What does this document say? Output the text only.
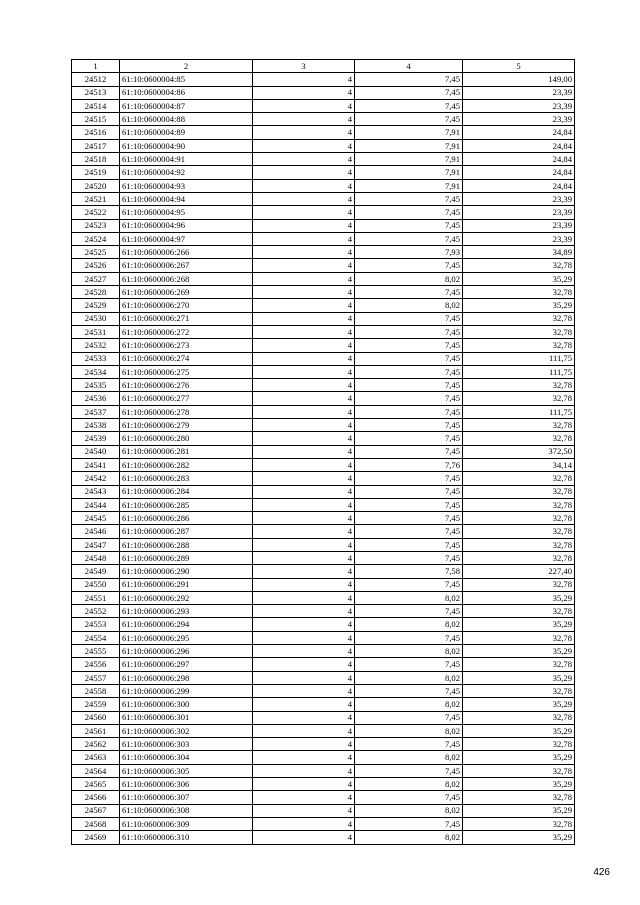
1	2	3	4	5
24512	61:10:0600004:85	4	7,45	149,00
24513	61:10:0600004:86	4	7,45	23,39
24514	61:10:0600004:87	4	7,45	23,39
24515	61:10:0600004:88	4	7,45	23,39
24516	61:10:0600004:89	4	7,91	24,84
24517	61:10:0600004:90	4	7,91	24,84
24518	61:10:0600004:91	4	7,91	24,84
24519	61:10:0600004:92	4	7,91	24,84
24520	61:10:0600004:93	4	7,91	24,84
24521	61:10:0600004:94	4	7,45	23,39
24522	61:10:0600004:95	4	7,45	23,39
24523	61:10:0600004:96	4	7,45	23,39
24524	61:10:0600004:97	4	7,45	23,39
24525	61:10:0600006:266	4	7,93	34,89
24526	61:10:0600006:267	4	7,45	32,78
24527	61:10:0600006:268	4	8,02	35,29
24528	61:10:0600006:269	4	7,45	32,78
24529	61:10:0600006:270	4	8,02	35,29
24530	61:10:0600006:271	4	7,45	32,78
24531	61:10:0600006:272	4	7,45	32,78
24532	61:10:0600006:273	4	7,45	32,78
24533	61:10:0600006:274	4	7,45	111,75
24534	61:10:0600006:275	4	7,45	111,75
24535	61:10:0600006:276	4	7,45	32,78
24536	61:10:0600006:277	4	7,45	32,78
24537	61:10:0600006:278	4	7,45	111,75
24538	61:10:0600006:279	4	7,45	32,78
24539	61:10:0600006:280	4	7,45	32,78
24540	61:10:0600006:281	4	7,45	372,50
24541	61:10:0600006:282	4	7,76	34,14
24542	61:10:0600006:283	4	7,45	32,78
24543	61:10:0600006:284	4	7,45	32,78
24544	61:10:0600006:285	4	7,45	32,78
24545	61:10:0600006:286	4	7,45	32,78
24546	61:10:0600006:287	4	7,45	32,78
24547	61:10:0600006:288	4	7,45	32,78
24548	61:10:0600006:289	4	7,45	32,78
24549	61:10:0600006:290	4	7,58	227,40
24550	61:10:0600006:291	4	7,45	32,78
24551	61:10:0600006:292	4	8,02	35,29
24552	61:10:0600006:293	4	7,45	32,78
24553	61:10:0600006:294	4	8,02	35,29
24554	61:10:0600006:295	4	7,45	32,78
24555	61:10:0600006:296	4	8,02	35,29
24556	61:10:0600006:297	4	7,45	32,78
24557	61:10:0600006:298	4	8,02	35,29
24558	61:10:0600006:299	4	7,45	32,78
24559	61:10:0600006:300	4	8,02	35,29
24560	61:10:0600006:301	4	7,45	32,78
24561	61:10:0600006:302	4	8,02	35,29
24562	61:10:0600006:303	4	7,45	32,78
24563	61:10:0600006:304	4	8,02	35,29
24564	61:10:0600006:305	4	7,45	32,78
24565	61:10:0600006:306	4	8,02	35,29
24566	61:10:0600006:307	4	7,45	32,78
24567	61:10:0600006:308	4	8,02	35,29
24568	61:10:0600006:309	4	7,45	32,78
24569	61:10:0600006:310	4	8,02	35,29
426
